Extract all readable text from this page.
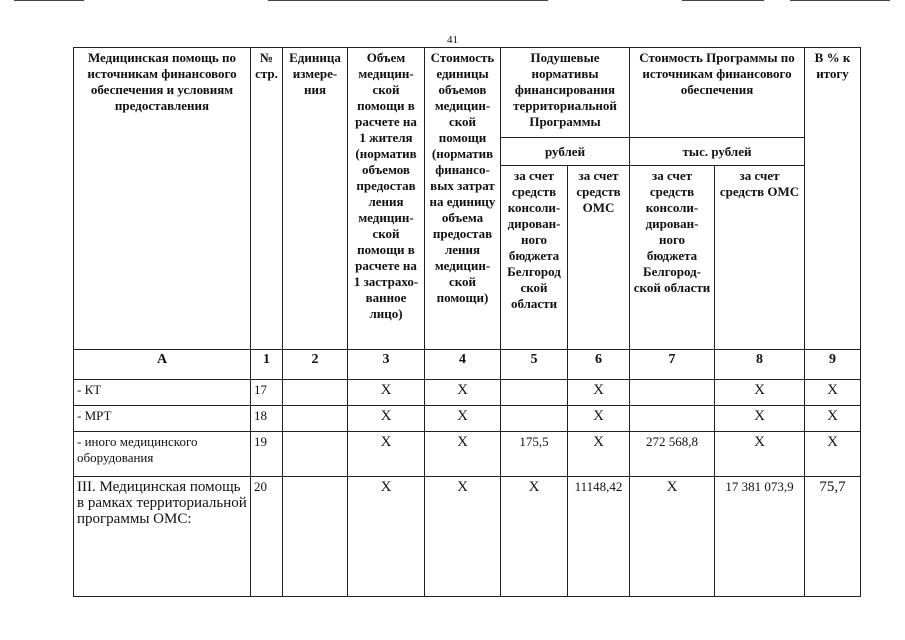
41
Медицинская помощь по источникам финансового обеспечения и условиям предоставления	№ стр.	Единица измере- ния	Объем медицин- ской помощи в расчете на 1 жителя (норматив объемов предостав ления медицин- ской помощи в расчете на 1 застрахо- ванное лицо)	Стоимость единицы объемов медицин- ской помощи (норматив финансо- вых затрат на единицу объема предостав ления медицин- ской помощи)	Подушевые нормативы финансирования территориальной Программы		Стоимость Программы по источникам финансового обеспечения		В % к итогу
					рублей		тыс. рублей		
					за счет средств консоли- дирован- ного бюджета Белгород ской области	за счет средств ОМС	за счет средств консоли- дирован- ного бюджета Белгород- ской области	за счет средств ОМС	
А	1	2	3	4	5	6	7	8	9
- КТ	17		Х	Х		Х		Х	Х
- МРТ	18		Х	Х		Х		Х	Х
- иного медицинского оборудования	19		Х	Х	175,5	Х	272 568,8	Х	Х
III. Медицинская помощь в рамках территориальной программы ОМС:	20		Х	Х	Х	11148,42	Х	17 381 073,9	75,7
